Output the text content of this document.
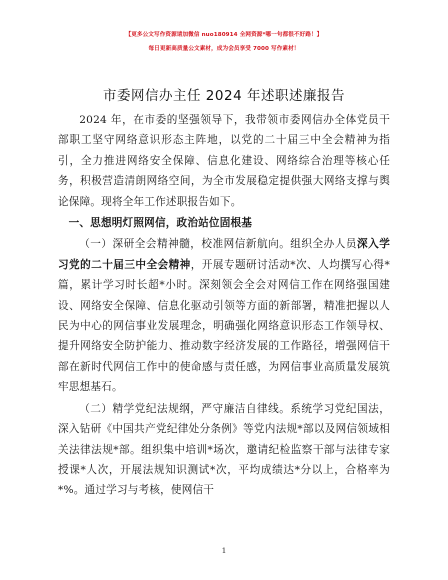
【更多公文写作资源请加微信 nuo180914 全网资源*哪一句都很不好路！】
每日更新高质量公文素材，成为会员享受 7000 写作素材！
市委网信办主任 2024 年述职述廉报告

2024 年，在市委的坚强领导下，我带领市委网信办全体党员干部职工坚守网络意识形态主阵地，以党的二十届三中全会精神为指引，全力推进网络安全保障、信息化建设、网络综合治理等核心任务，积极营造清朗网络空间，为全市发展稳定提供强大网络支撑与舆论保障。现将全年工作述职报告如下。

一、思想明灯照网信，政治站位固根基

（一）深研全会精神髓，校准网信新航向。组织全办人员深入学习党的二十届三中全会精神，开展专题研讨活动*次、人均撰写心得*篇，累计学习时长超*小时。深刻领会全会对网信工作在网络强国建设、网络安全保障、信息化驱动引领等方面的新部署，精准把握以人民为中心的网信事业发展理念，明确强化网络意识形态工作领导权、提升网络安全防护能力、推动数字经济发展的工作路径，增强网信干部在新时代网信工作中的使命感与责任感，为网信事业高质量发展筑牢思想基石。

（二）精学党纪法规纲，严守廉洁自律线。系统学习党纪国法，深入钻研《中国共产党纪律处分条例》等党内法规*部以及网信领域相关法律法规*部。组织集中培训*场次，邀请纪检监察干部与法律专家授课*人次，开展法规知识测试*次，平均成绩达*分以上，合格率为*%。通过学习与考核，使网信干

1
